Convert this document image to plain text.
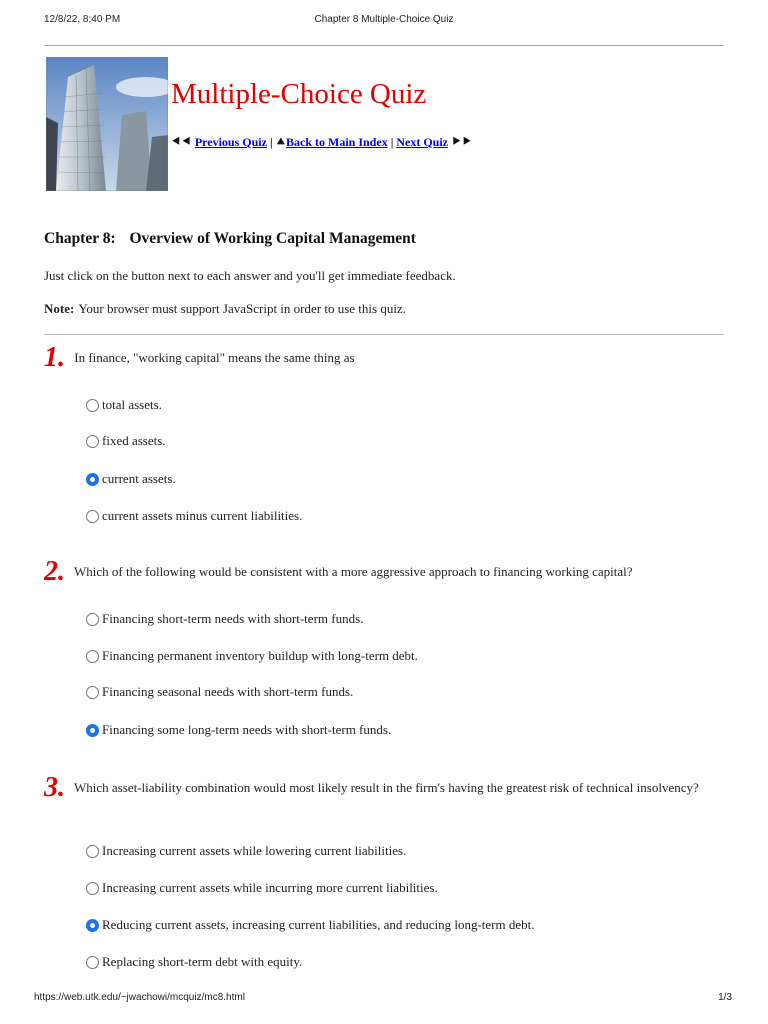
12/8/22, 8:40 PM	Chapter 8 Multiple-Choice Quiz
Multiple-Choice Quiz
⯇⯇ Previous Quiz | ⯅Back to Main Index | Next Quiz ⯈⯈
Chapter 8: Overview of Working Capital Management
Just click on the button next to each answer and you'll get immediate feedback.
Note: Your browser must support JavaScript in order to use this quiz.
1. In finance, "working capital" means the same thing as
total assets.
fixed assets.
current assets.
current assets minus current liabilities.
2. Which of the following would be consistent with a more aggressive approach to financing working capital?
Financing short-term needs with short-term funds.
Financing permanent inventory buildup with long-term debt.
Financing seasonal needs with short-term funds.
Financing some long-term needs with short-term funds.
3. Which asset-liability combination would most likely result in the firm's having the greatest risk of technical insolvency?
Increasing current assets while lowering current liabilities.
Increasing current assets while incurring more current liabilities.
Reducing current assets, increasing current liabilities, and reducing long-term debt.
Replacing short-term debt with equity.
https://web.utk.edu/~jwachowi/mcquiz/mc8.html	1/3
